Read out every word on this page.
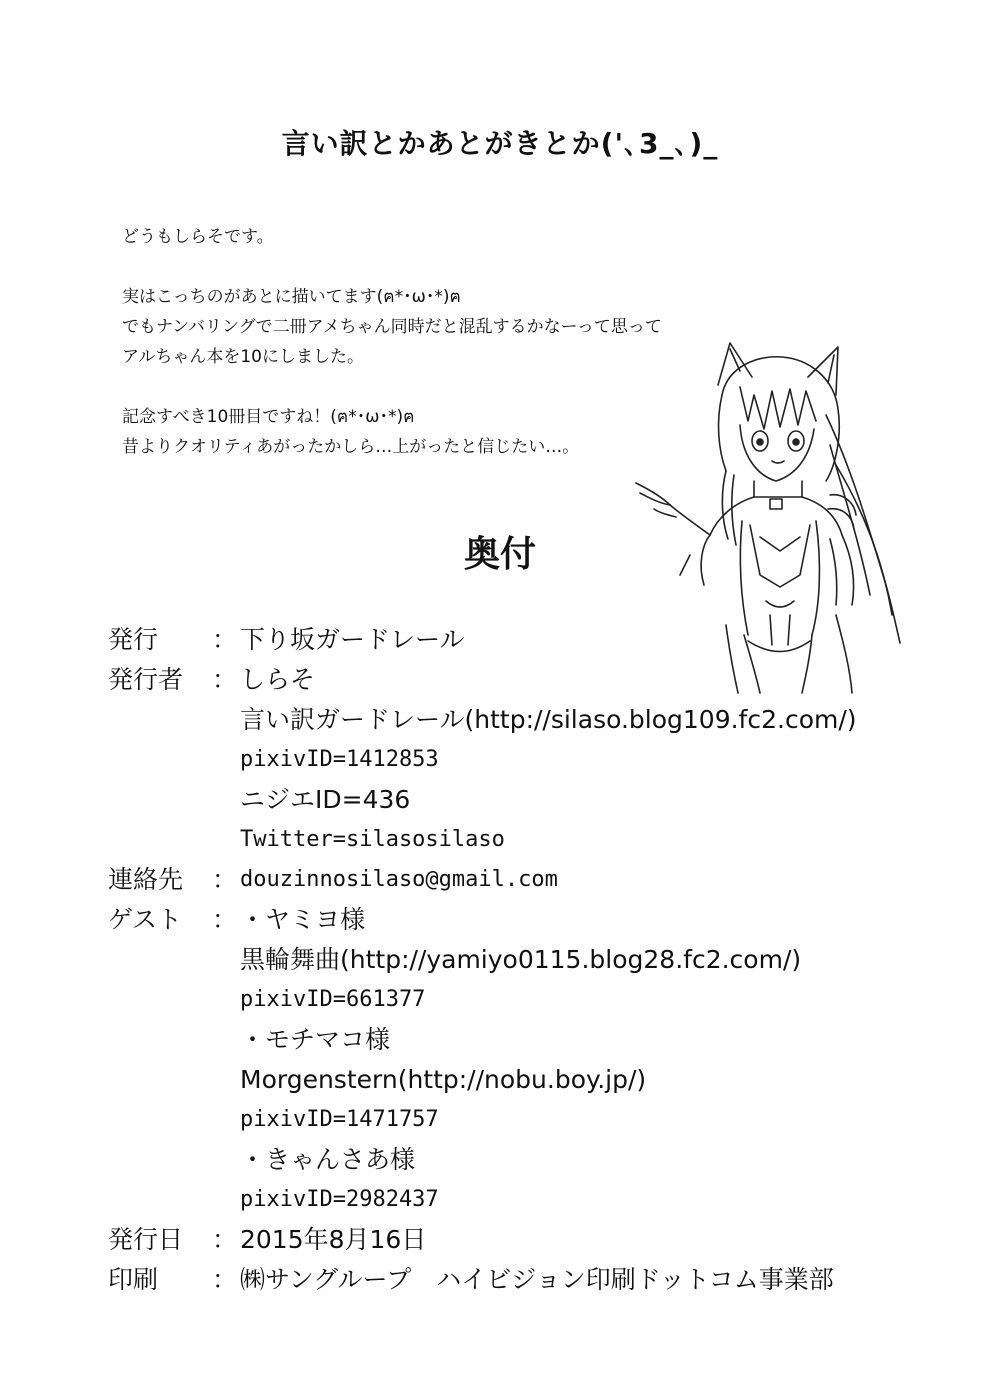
言い訳とかあとがきとか('､3_､)_

どうもしらそです。

実はこっちのがあとに描いてます(ฅ*･ω･*)ฅ

でもナンバリングで二冊アメちゃん同時だと混乱するかなーって思って

アルちゃん本を10にしました。

記念すべき10冊目ですね！(ฅ*･ω･*)ฅ

昔よりクオリティあがったかしら…上がったと信じたい…。

奥付
発行	： 下り坂ガードレール
発行者	： しらそ
言い訳ガードレール(http://silaso.blog109.fc2.com/)
pixivID=1412853
ニジエID=436
Twitter=silasosilaso
連絡先	： douzinnosilaso@gmail.com
ゲスト	： ・ヤミヨ様
黒輪舞曲(http://yamiyo0115.blog28.fc2.com/)
pixivID=661377
・モチマコ様
Morgenstern(http://nobu.boy.jp/)
pixivID=1471757
・きゃんさあ様
pixivID=2982437
発行日	： 2015年8月16日
印刷	： ㈱サングループ　ハイビジョン印刷ドットコム事業部
